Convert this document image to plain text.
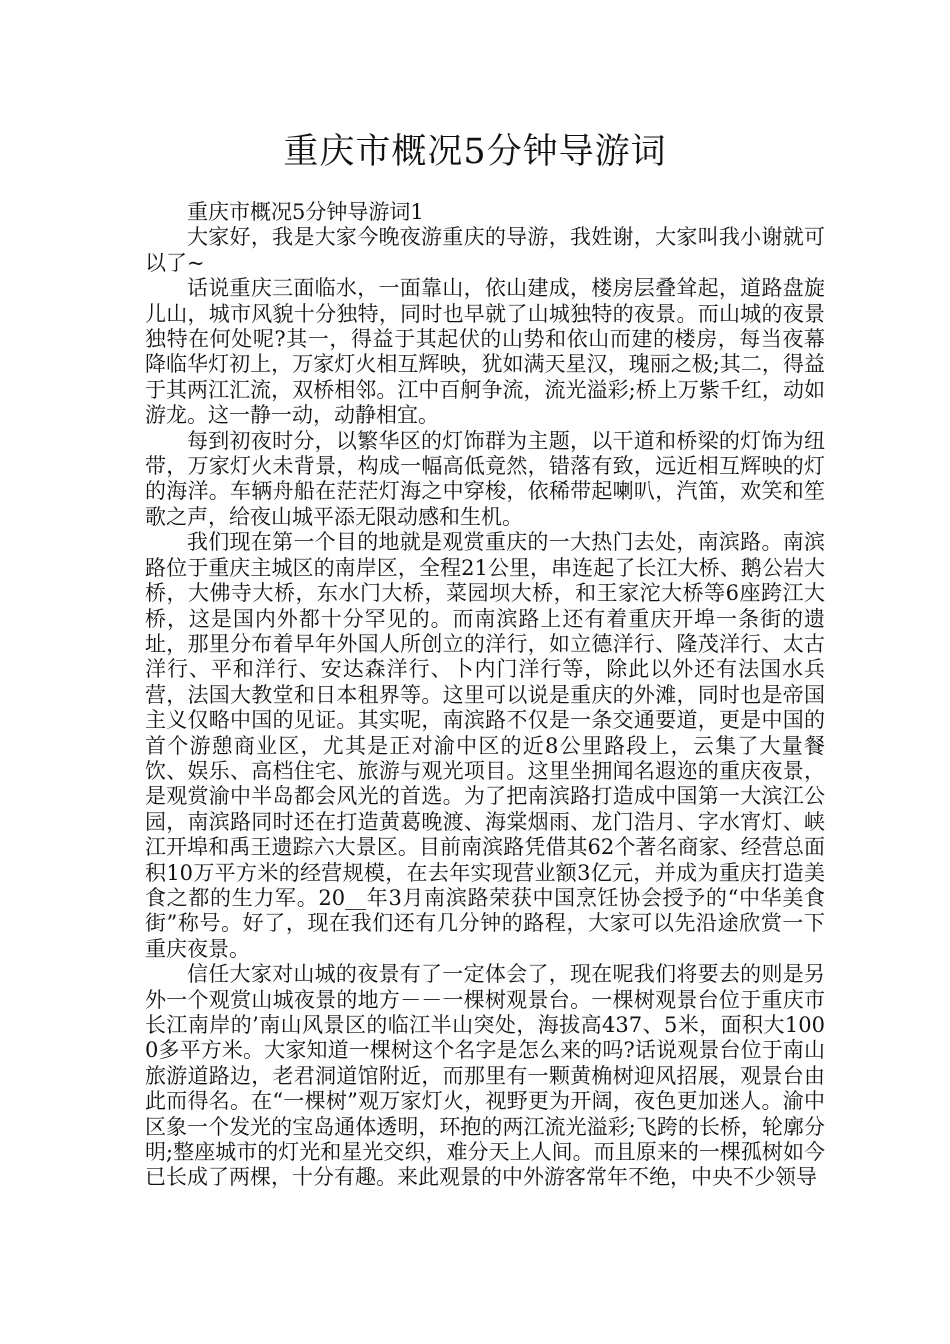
重庆市概况5分钟导游词

重庆市概况5分钟导游词1

大家好，我是大家今晚夜游重庆的导游，我姓谢，大家叫我小谢就可以了~

话说重庆三面临水，一面靠山，依山建成，楼房层叠耸起，道路盘旋儿山，城市风貌十分独特，同时也早就了山城独特的夜景。而山城的夜景独特在何处呢?其一，得益于其起伏的山势和依山而建的楼房，每当夜幕降临华灯初上，万家灯火相互辉映，犹如满天星汉，瑰丽之极;其二，得益于其两江汇流，双桥相邻。江中百舸争流，流光溢彩;桥上万紫千红，动如游龙。这一静一动，动静相宜。

每到初夜时分，以繁华区的灯饰群为主题，以干道和桥梁的灯饰为纽带，万家灯火未背景，构成一幅高低竟然，错落有致，远近相互辉映的灯的海洋。车辆舟船在茫茫灯海之中穿梭，依稀带起喇叭，汽笛，欢笑和笙歌之声，给夜山城平添无限动感和生机。

我们现在第一个目的地就是观赏重庆的一大热门去处，南滨路。南滨路位于重庆主城区的南岸区，全程21公里，串连起了长江大桥、鹅公岩大桥，大佛寺大桥，东水门大桥，菜园坝大桥，和王家沱大桥等6座跨江大桥，这是国内外都十分罕见的。而南滨路上还有着重庆开埠一条街的遗址，那里分布着早年外国人所创立的洋行，如立德洋行、隆茂洋行、太古洋行、平和洋行、安达森洋行、卜内门洋行等，除此以外还有法国水兵营，法国大教堂和日本租界等。这里可以说是重庆的外滩，同时也是帝国主义仅略中国的见证。其实呢，南滨路不仅是一条交通要道，更是中国的首个游憩商业区，尤其是正对渝中区的近8公里路段上，云集了大量餐饮、娱乐、高档住宅、旅游与观光项目。这里坐拥闻名遐迩的重庆夜景，是观赏渝中半岛都会风光的首选。为了把南滨路打造成中国第一大滨江公园，南滨路同时还在打造黄葛晚渡、海棠烟雨、龙门浩月、字水宵灯、峡江开埠和禹王遗踪六大景区。目前南滨路凭借其62个著名商家、经营总面积10万平方米的经营规模，在去年实现营业额3亿元，并成为重庆打造美食之都的生力军。20__年3月南滨路荣获中国烹饪协会授予的“中华美食街”称号。好了，现在我们还有几分钟的路程，大家可以先沿途欣赏一下重庆夜景。

信任大家对山城的夜景有了一定体会了，现在呢我们将要去的则是另外一个观赏山城夜景的地方－－一棵树观景台。一棵树观景台位于重庆市长江南岸的’南山风景区的临江半山突处，海拔高437、5米，面积大1000多平方米。大家知道一棵树这个名字是怎么来的吗?话说观景台位于南山旅游道路边，老君洞道馆附近，而那里有一颗黄桷树迎风招展，观景台由此而得名。在“一棵树”观万家灯火，视野更为开阔，夜色更加迷人。渝中区象一个发光的宝岛通体透明，环抱的两江流光溢彩;飞跨的长桥，轮廓分明;整座城市的灯光和星光交织，难分天上人间。而且原来的一棵孤树如今已长成了两棵，十分有趣。来此观景的中外游客常年不绝，中央不少领导
